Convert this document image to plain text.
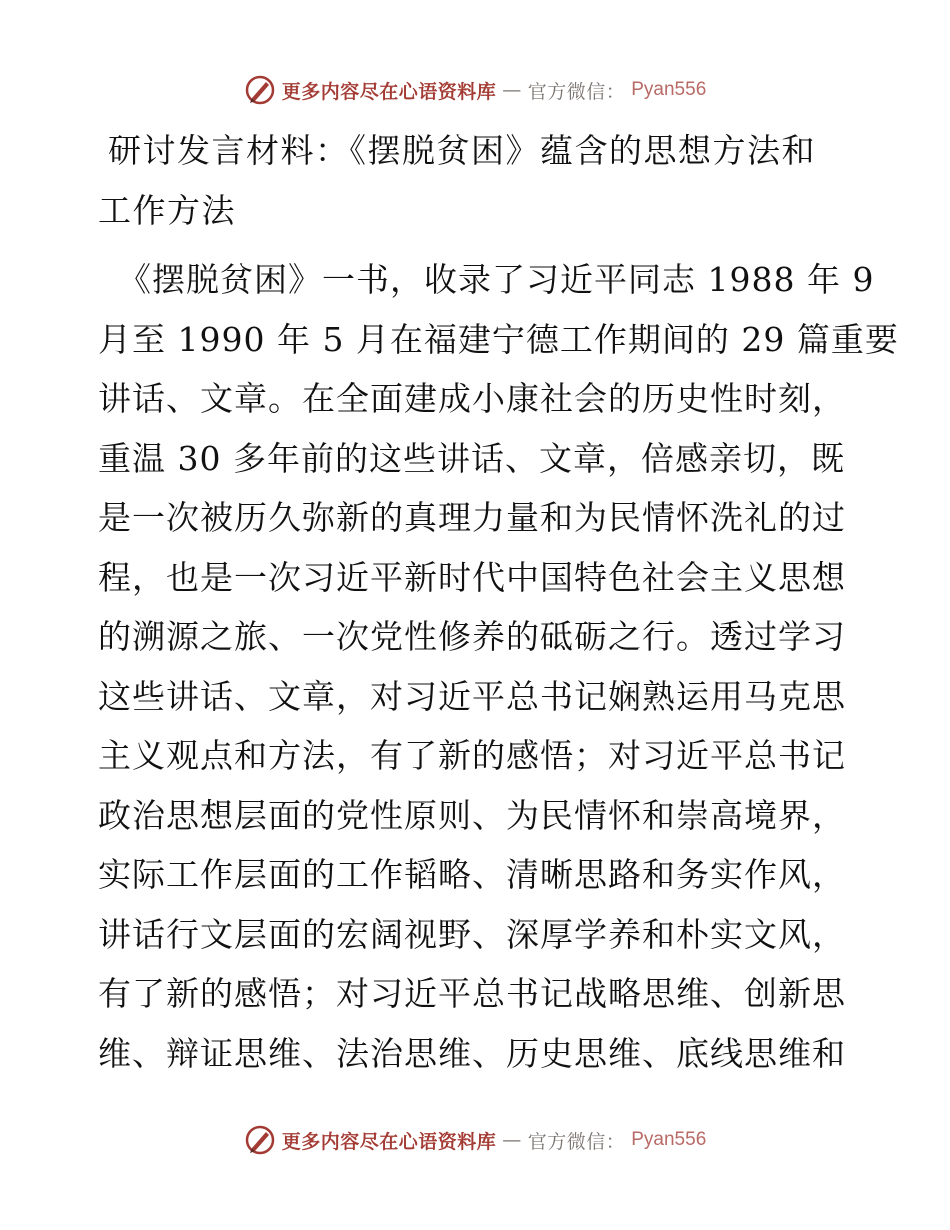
更多内容尽在心语资料库 — 官方微信： Pyan556
研讨发言材料：《摆脱贫困》蕴含的思想方法和
工作方法
《摆脱贫困》一书，收录了习近平同志 1988 年 9
月至 1990 年 5 月在福建宁德工作期间的 29 篇重要
讲话、文章。在全面建成小康社会的历史性时刻，
重温 30 多年前的这些讲话、文章，倍感亲切，既
是一次被历久弥新的真理力量和为民情怀洗礼的过
程，也是一次习近平新时代中国特色社会主义思想
的溯源之旅、一次党性修养的砥砺之行。透过学习
这些讲话、文章，对习近平总书记娴熟运用马克思
主义观点和方法，有了新的感悟；对习近平总书记
政治思想层面的党性原则、为民情怀和崇高境界，
实际工作层面的工作韬略、清晰思路和务实作风，
讲话行文层面的宏阔视野、深厚学养和朴实文风，
有了新的感悟；对习近平总书记战略思维、创新思
维、辩证思维、法治思维、历史思维、底线思维和
更多内容尽在心语资料库 — 官方微信： Pyan556
